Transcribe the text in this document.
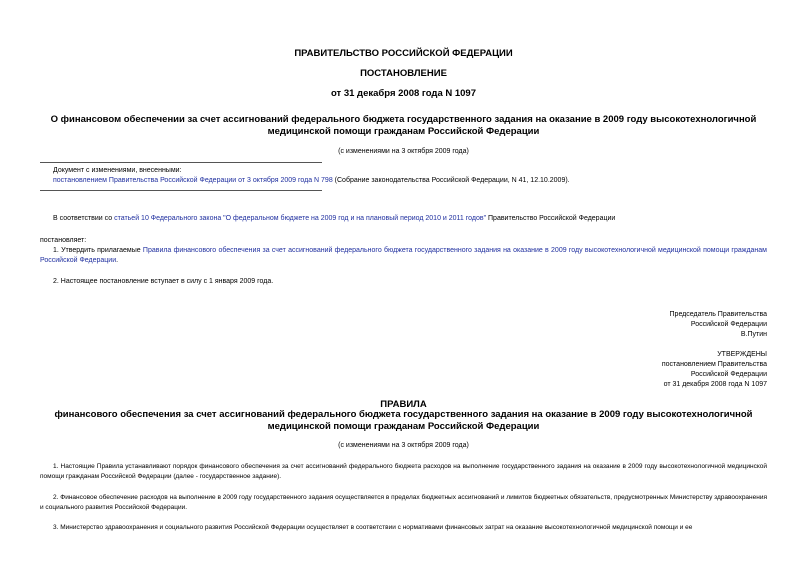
ПРАВИТЕЛЬСТВО РОССИЙСКОЙ ФЕДЕРАЦИИ
ПОСТАНОВЛЕНИЕ
от 31 декабря 2008 года N 1097
О финансовом обеспечении за счет ассигнований федерального бюджета государственного задания на оказание в 2009 году высокотехнологичной медицинской помощи гражданам Российской Федерации
(с изменениями на 3 октября 2009 года)
Документ с изменениями, внесенными:
постановлением Правительства Российской Федерации от 3 октября 2009 года N 798 (Собрание законодательства Российской Федерации, N 41, 12.10.2009).
В соответствии со статьей 10 Федерального закона "О федеральном бюджете на 2009 год и на плановый период 2010 и 2011 годов" Правительство Российской Федерации
постановляет:
1. Утвердить прилагаемые Правила финансового обеспечения за счет ассигнований федерального бюджета государственного задания на оказание в 2009 году высокотехнологичной медицинской помощи гражданам Российской Федерации.
2. Настоящее постановление вступает в силу с 1 января 2009 года.
Председатель Правительства
Российской Федерации
В.Путин
УТВЕРЖДЕНЫ
постановлением Правительства
Российской Федерации
от 31 декабря 2008 года N 1097
ПРАВИЛА
финансового обеспечения за счет ассигнований федерального бюджета государственного задания на оказание в 2009 году высокотехнологичной медицинской помощи гражданам Российской Федерации
(с изменениями на 3 октября 2009 года)
1. Настоящие Правила устанавливают порядок финансового обеспечения за счет ассигнований федерального бюджета расходов на выполнение государственного задания на оказание в 2009 году высокотехнологичной медицинской помощи гражданам Российской Федерации (далее - государственное задание).
2. Финансовое обеспечение расходов на выполнение в 2009 году государственного задания осуществляется в пределах бюджетных ассигнований и лимитов бюджетных обязательств, предусмотренных Министерству здравоохранения и социального развития Российской Федерации.
3. Министерство здравоохранения и социального развития Российской Федерации осуществляет в соответствии с нормативами финансовых затрат на оказание высокотехнологичной медицинской помощи и ее
